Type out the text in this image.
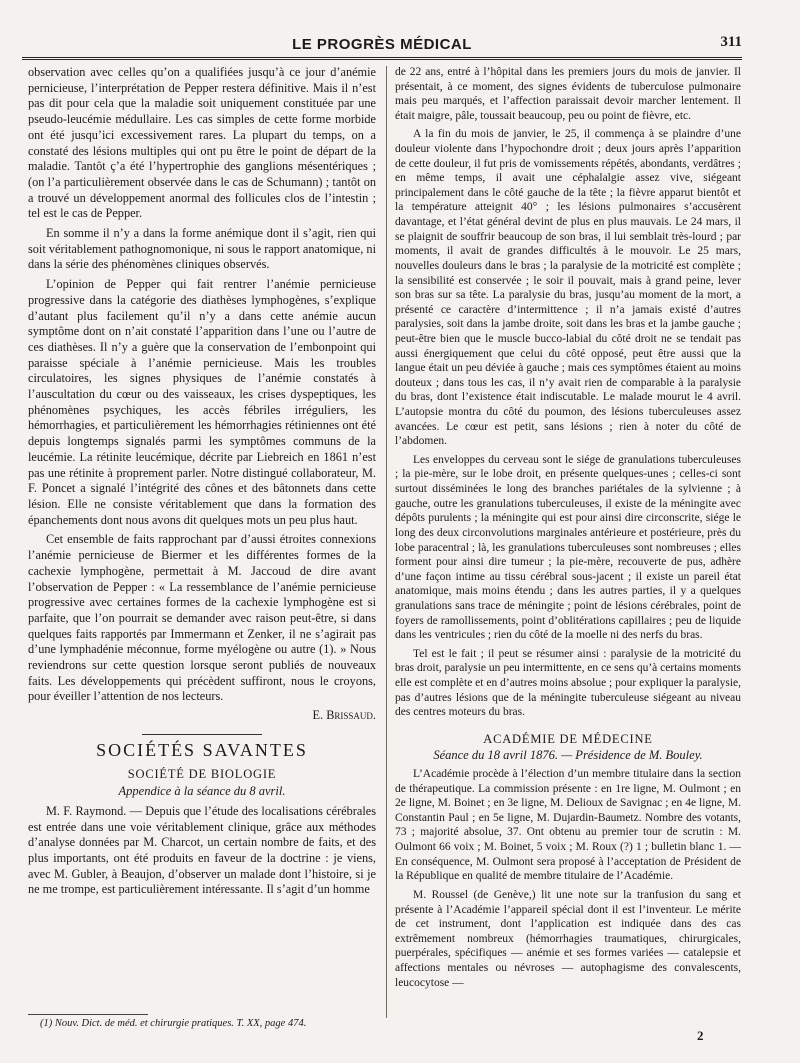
LE PROGRÈS MÉDICAL	311

observation avec celles qu’on a qualifiées jusqu’à ce jour d’anémie pernicieuse, l’interprétation de Pepper restera définitive. Mais il n’est pas dit pour cela que la maladie soit uniquement constituée par une pseudo-leucémie médullaire. Les cas simples de cette forme morbide ont été jusqu’ici excessivement rares. La plupart du temps, on a constaté des lésions multiples qui ont pu être le point de départ de la maladie. Tantôt ç’a été l’hypertrophie des ganglions mésentériques ; (on l’a particulièrement observée dans le cas de Schumann) ; tantôt on a trouvé un développement anormal des follicules clos de l’intestin ; tel est le cas de Pepper.

En somme il n’y a dans la forme anémique dont il s’agit, rien qui soit véritablement pathognomonique, ni sous le rapport anatomique, ni dans la série des phénomènes cliniques observés.

L’opinion de Pepper qui fait rentrer l’anémie pernicieuse progressive dans la catégorie des diathèses lymphogènes, s’explique d’autant plus facilement qu’il n’y a dans cette anémie aucun symptôme dont on n’ait constaté l’apparition dans l’une ou l’autre de ces diathèses. Il n’y a guère que la conservation de l’embonpoint qui paraisse spéciale à l’anémie pernicieuse. Mais les troubles circulatoires, les signes physiques de l’anémie constatés à l’auscultation du cœur ou des vaisseaux, les crises dyspeptiques, les phénomènes psychiques, les accès fébriles irréguliers, les hémorrhagies, et particulièrement les hémorrhagies rétiniennes ont été depuis longtemps signalés parmi les symptômes communs de la leucémie. La rétinite leucémique, décrite par Liebreich en 1861 n’est pas une rétinite à proprement parler. Notre distingué collaborateur, M. F. Poncet a signalé l’intégrité des cônes et des bâtonnets dans cette lésion. Elle ne consiste véritablement que dans la formation des épanchements dont nous avons dit quelques mots un peu plus haut.

Cet ensemble de faits rapprochant par d’aussi étroites connexions l’anémie pernicieuse de Biermer et les différentes formes de la cachexie lymphogène, permettait à M. Jaccoud de dire avant l’observation de Pepper : « La ressemblance de l’anémie pernicieuse progressive avec certaines formes de la cachexie lymphogène est si parfaite, que l’on pourrait se demander avec raison peut-être, si dans quelques faits rapportés par Immermann et Zenker, il ne s’agirait pas d’une lymphadénie méconnue, forme myélogène ou autre (1). » Nous reviendrons sur cette question lorsque seront publiés de nouveaux faits. Les développements qui précèdent suffiront, nous le croyons, pour éveiller l’attention de nos lecteurs.

E. Brissaud.
SOCIÉTÉS SAVANTES
SOCIÉTÉ DE BIOLOGIE
Appendice à la séance du 8 avril.

M. F. Raymond. — Depuis que l’étude des localisations cérébrales est entrée dans une voie véritablement clinique, grâce aux méthodes d’analyse données par M. Charcot, un certain nombre de faits, et des plus importants, ont été produits en faveur de la doctrine : je viens, avec M. Gubler, à Beaujon, d’observer un malade dont l’histoire, si je ne me trompe, est particulièrement intéressante. Il s’agit d’un homme

de 22 ans, entré à l’hôpital dans les premiers jours du mois de janvier. Il présentait, à ce moment, des signes évidents de tuberculose pulmonaire mais peu marqués, et l’affection paraissait devoir marcher lentement. Il était maigre, pâle, toussait beaucoup, peu ou point de fièvre, etc.

A la fin du mois de janvier, le 25, il commença à se plaindre d’une douleur violente dans l’hypochondre droit ; deux jours après l’apparition de cette douleur, il fut pris de vomissements répétés, abondants, verdâtres ; en même temps, il avait une céphalalgie assez vive, siégeant principalement dans le côté gauche de la tête ; la fièvre apparut bientôt et la température atteignit 40° ; les lésions pulmonaires s’accusèrent davantage, et l’état général devint de plus en plus mauvais. Le 24 mars, il se plaignit de souffrir beaucoup de son bras, il lui semblait très-lourd ; par moments, il avait de grandes difficultés à le mouvoir. Le 25 mars, nouvelles douleurs dans le bras ; la paralysie de la motricité est complète ; la sensibilité est conservée ; le soir il pouvait, mais à grand peine, lever son bras sur sa tête. La paralysie du bras, jusqu’au moment de la mort, a présenté ce caractère d’intermittence ; il n’a jamais existé d’autres paralysies, soit dans la jambe droite, soit dans les bras et la jambe gauche ; peut-être bien que le muscle bucco-labial du côté droit ne se tendait pas aussi énergiquement que celui du côté opposé, peut être aussi que la langue était un peu déviée à gauche ; mais ces symptômes étaient au moins douteux ; dans tous les cas, il n’y avait rien de comparable à la paralysie du bras, dont l’existence était indiscutable. Le malade mourut le 4 avril. L’autopsie montra du côté du poumon, des lésions tuberculeuses assez avancées. Le cœur est petit, sans lésions ; rien à noter du côté de l’abdomen.

Les enveloppes du cerveau sont le siége de granulations tuberculeuses ; la pie-mère, sur le lobe droit, en présente quelques-unes ; celles-ci sont surtout disséminées le long des branches pariétales de la sylvienne ; à gauche, outre les granulations tuberculeuses, il existe de la méningite avec dépôts purulents ; la méningite qui est pour ainsi dire circonscrite, siége le long des deux circonvolutions marginales antérieure et postérieure, près du lobe paracentral ; là, les granulations tuberculeuses sont nombreuses ; elles forment pour ainsi dire tumeur ; la pie-mère, recouverte de pus, adhère d’une façon intime au tissu cérébral sous-jacent ; il existe un pareil état anatomique, mais moins étendu ; dans les autres parties, il y a quelques granulations sans trace de méningite ; point de lésions cérébrales, point de foyers de ramollissements, point d’oblitérations capillaires ; peu de liquide dans les ventricules ; rien du côté de la moelle ni des nerfs du bras.

Tel est le fait ; il peut se résumer ainsi : paralysie de la motricité du bras droit, paralysie un peu intermittente, en ce sens qu’à certains moments elle est complète et en d’autres moins absolue ; pour expliquer la paralysie, pas d’autres lésions que de la méningite tuberculeuse siégeant au niveau des centres moteurs du bras.

ACADÉMIE DE MÉDECINE
Séance du 18 avril 1876. — Présidence de M. Bouley.

L’Académie procède à l’élection d’un membre titulaire dans la section de thérapeutique. La commission présente : en 1re ligne, M. Oulmont ; en 2e ligne, M. Boinet ; en 3e ligne, M. Delioux de Savignac ; en 4e ligne, M. Constantin Paul ; en 5e ligne, M. Dujardin-Baumetz. Nombre des votants, 73 ; majorité absolue, 37. Ont obtenu au premier tour de scrutin : M. Oulmont 66 voix ; M. Boinet, 5 voix ; M. Roux (?) 1 ; bulletin blanc 1. — En conséquence, M. Oulmont sera proposé à l’acceptation de Président de la République en qualité de membre titulaire de l’Académie.

M. Roussel (de Genève,) lit une note sur la tranfusion du sang et présente à l’Académie l’appareil spécial dont il est l’inventeur. Le mérite de cet instrument, dont l’application est indiquée dans des cas extrêmement nombreux (hémorrhagies traumatiques, chirurgicales, puerpérales, spécifiques — anémie et ses formes variées — catalepsie et affections mentales ou névroses — autophagisme des convalescents, leucocytose —

(1) Nouv. Dict. de méd. et chirurgie pratiques. T. XX, page 474.
2
